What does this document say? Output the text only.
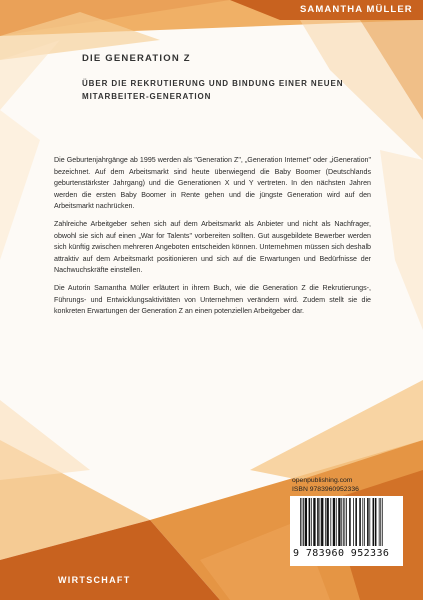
SAMANTHA MÜLLER
DIE GENERATION Z
ÜBER DIE REKRUTIERUNG UND BINDUNG EINER NEUEN MITARBEITER-GENERATION

Die Geburtenjahrgänge ab 1995 werden als "Generation Z", „Generation Internet" oder „iGeneration" bezeichnet. Auf dem Arbeitsmarkt sind heute überwiegend die Baby Boomer (Deutschlands geburtenstärkster Jahrgang) und die Generationen X und Y vertreten. In den nächsten Jahren werden die ersten Baby Boomer in Rente gehen und die jüngste Generation wird auf den Arbeitsmarkt nachrücken.

Zahlreiche Arbeitgeber sehen sich auf dem Arbeitsmarkt als Anbieter und nicht als Nachfrager, obwohl sie sich auf einen „War for Talents" vorbereiten sollten. Gut ausgebildete Bewerber werden sich künftig zwischen mehreren Angeboten entscheiden können. Unternehmen müssen sich deshalb attraktiv auf dem Arbeitsmarkt positionieren und sich auf die Erwartungen und Bedürfnisse der Nachwuchskräfte einstellen.

Die Autorin Samantha Müller erläutert in ihrem Buch, wie die Generation Z die Rekrutierungs-, Führungs- und Entwicklungsaktivitäten von Unternehmen verändern wird. Zudem stellt sie die konkreten Erwartungen der Generation Z an einen potenziellen Arbeitgeber dar.

openpublishing.com
ISBN 9783960952336
9 783960 952336
WIRTSCHAFT
